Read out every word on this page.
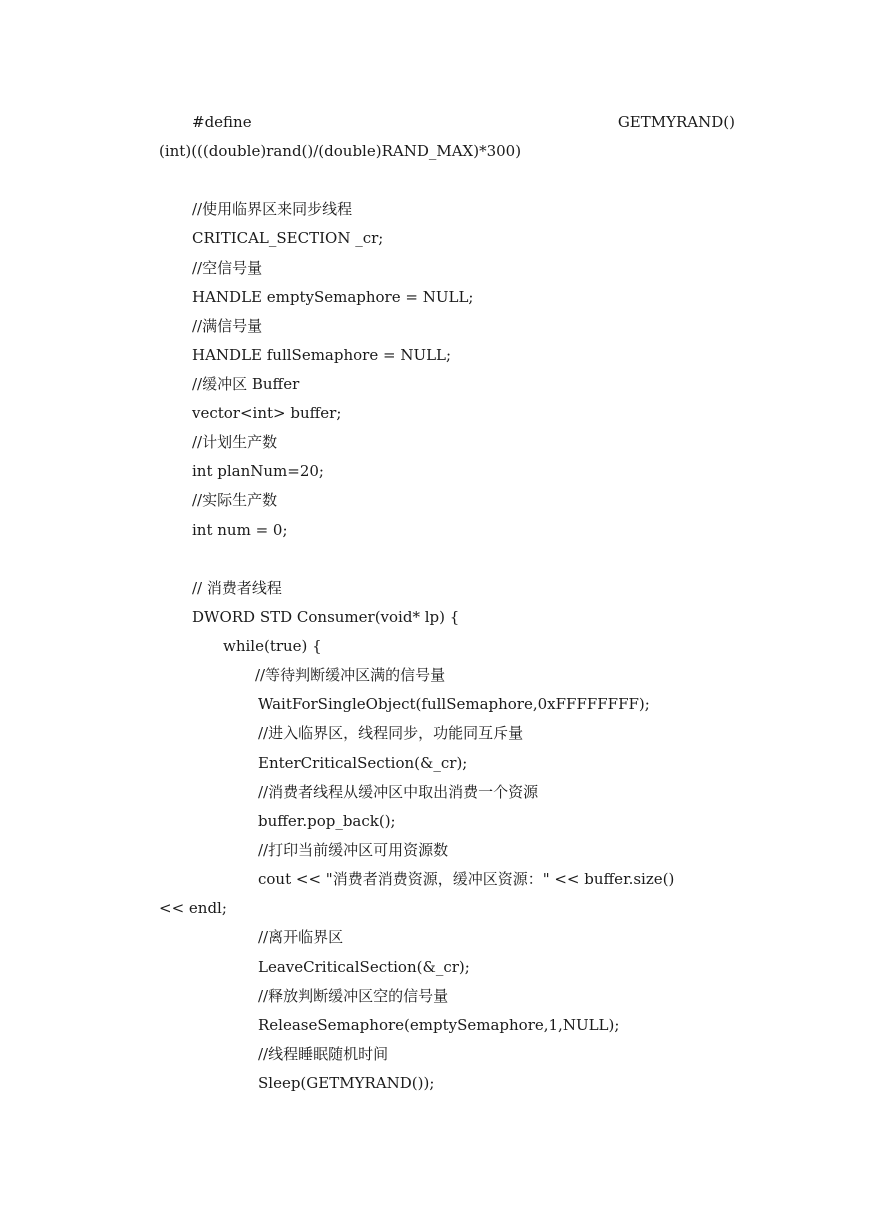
#define	GETMYRAND()
(int)(((double)rand()/(double)RAND_MAX)*300)
//使用临界区来同步线程
CRITICAL_SECTION _cr;
//空信号量
HANDLE emptySemaphore = NULL;
//满信号量
HANDLE fullSemaphore = NULL;
//缓冲区 Buffer
vector<int> buffer;
//计划生产数
int planNum=20;
//实际生产数
int num = 0;
// 消费者线程
DWORD STD Consumer(void* lp) {
while(true) {
//等待判断缓冲区满的信号量
WaitForSingleObject(fullSemaphore,0xFFFFFFFF);
//进入临界区，线程同步，功能同互斥量
EnterCriticalSection(&_cr);
//消费者线程从缓冲区中取出消费一个资源
buffer.pop_back();
//打印当前缓冲区可用资源数
cout << "消费者消费资源，缓冲区资源：" << buffer.size()
<< endl;
//离开临界区
LeaveCriticalSection(&_cr);
//释放判断缓冲区空的信号量
ReleaseSemaphore(emptySemaphore,1,NULL);
//线程睡眠随机时间
Sleep(GETMYRAND());
